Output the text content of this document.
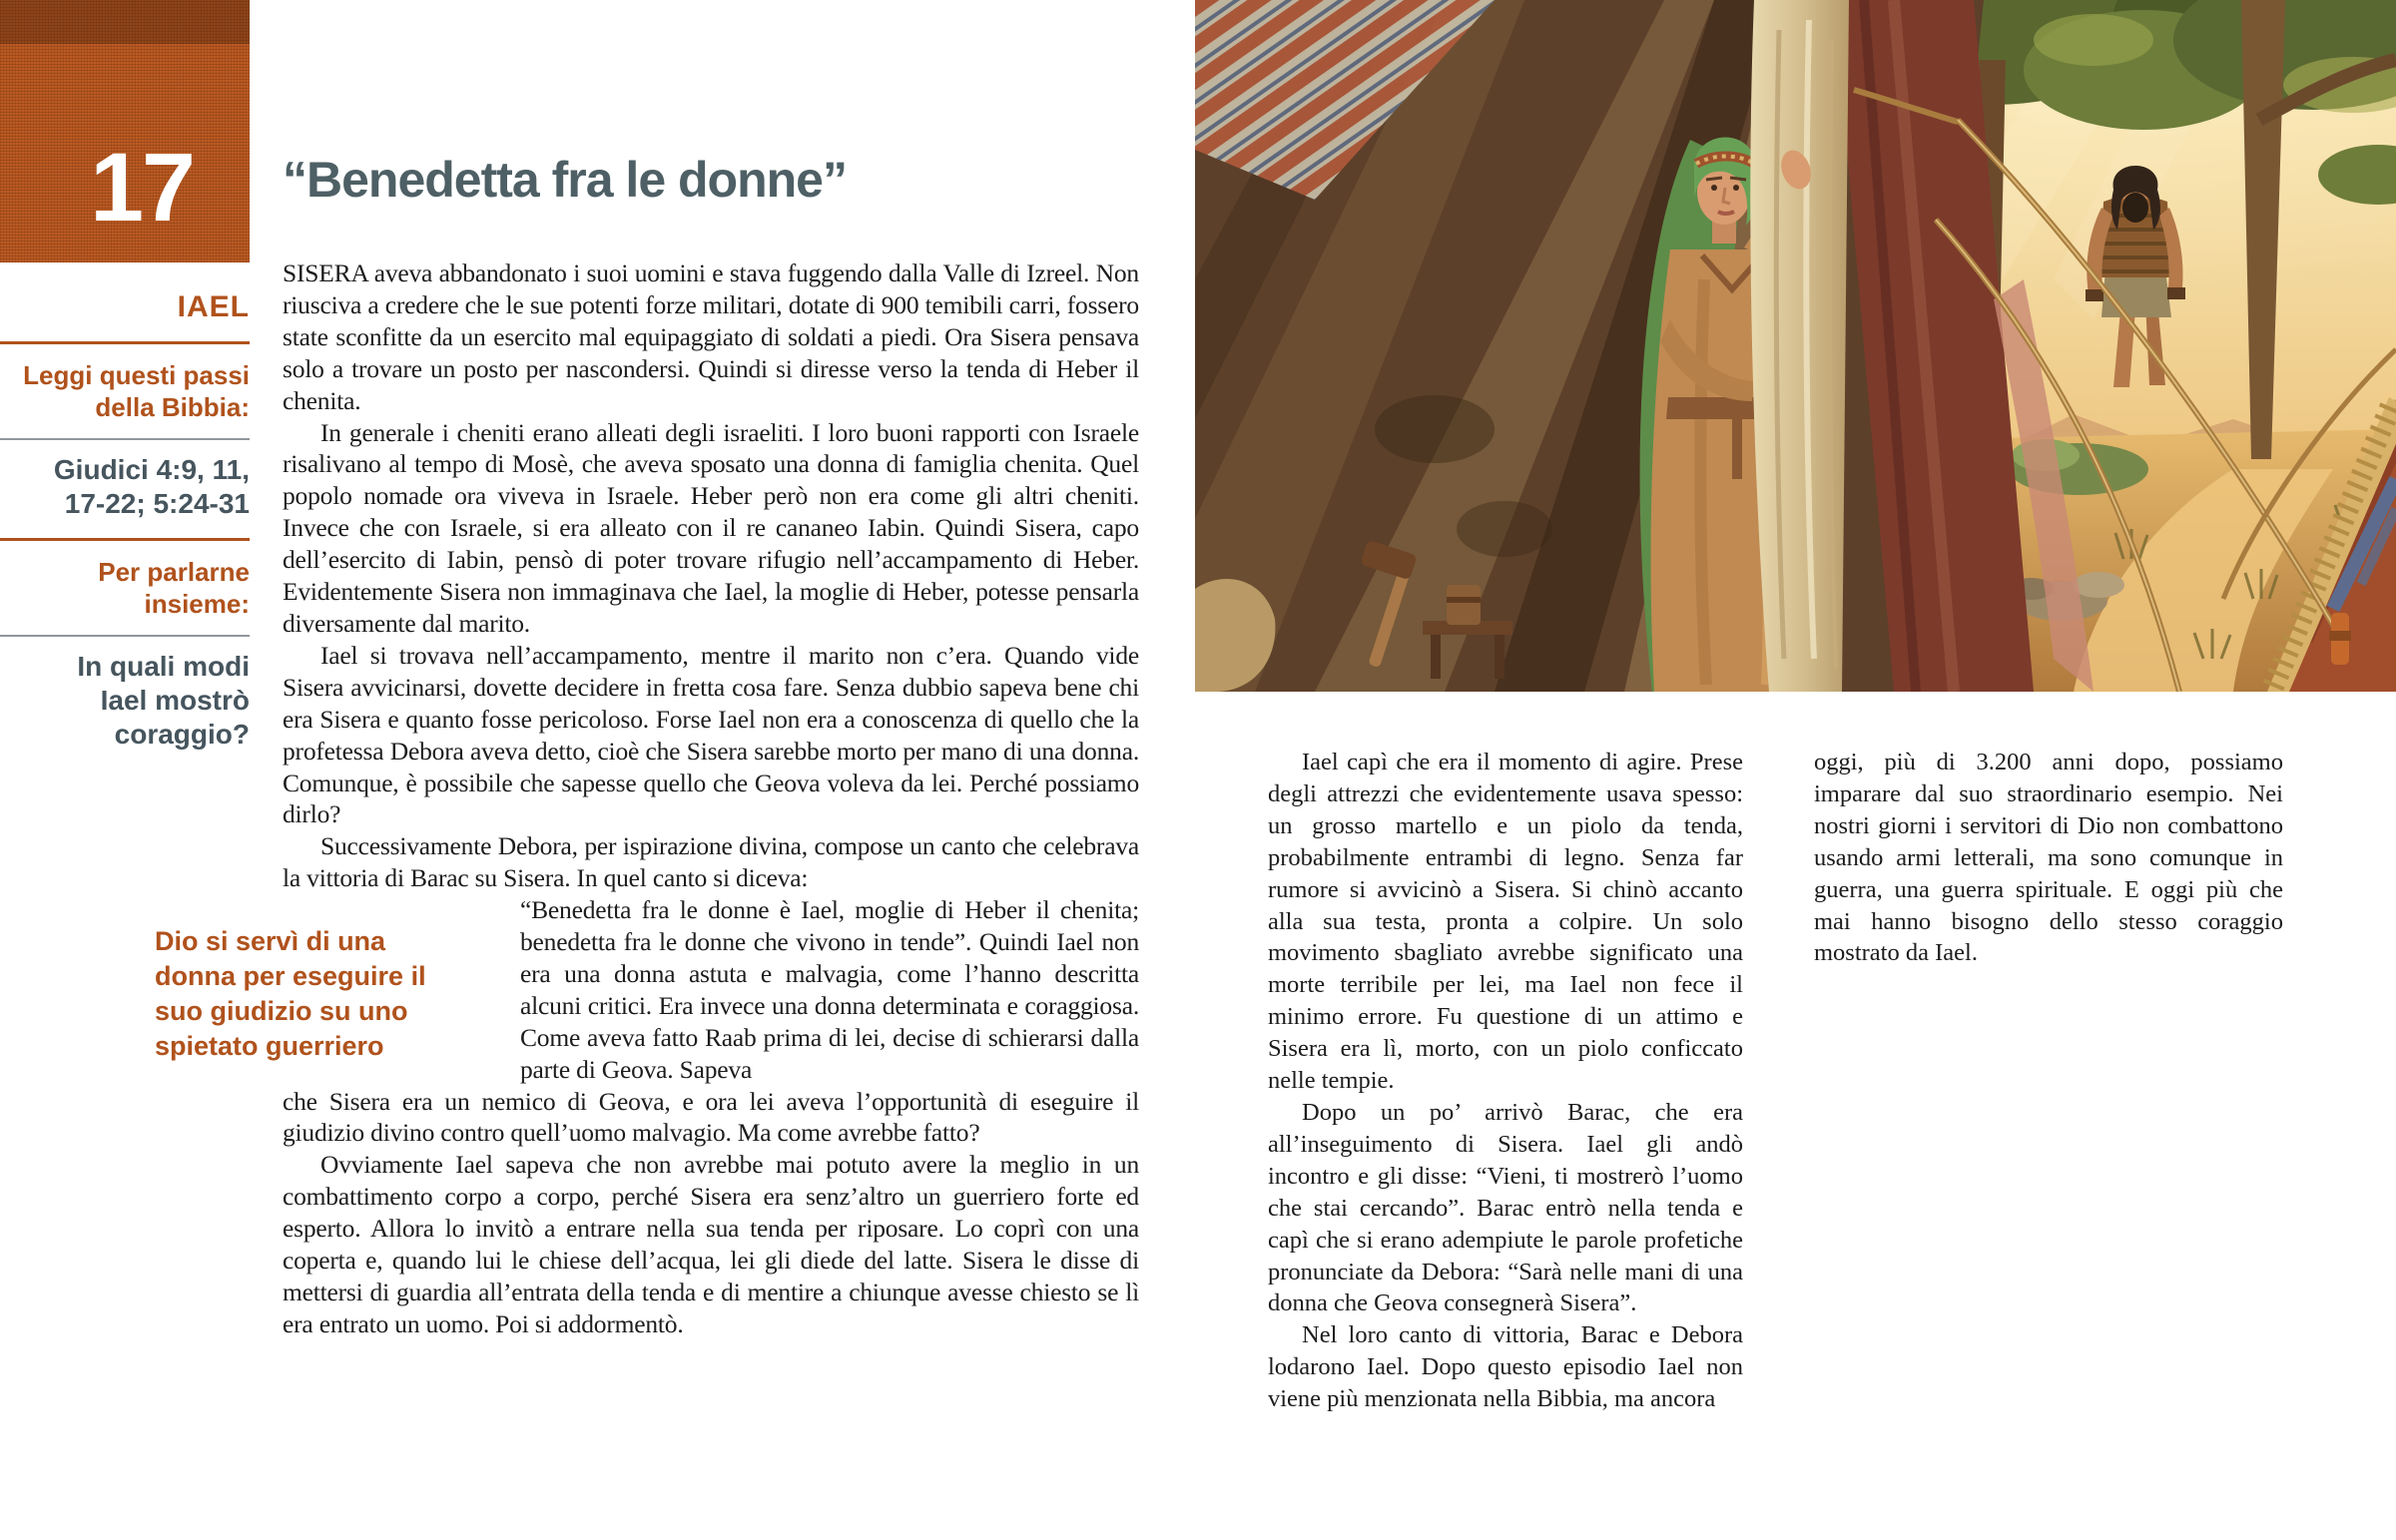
17
IAEL
Leggi questi passi
della Bibbia:
Giudici 4:9, 11,
17-22; 5:24-31
Per parlarne insieme:
In quali modi
Iael mostrò
coraggio?
“Benedetta fra le donne”

SISERA aveva abbandonato i suoi uomini e stava fuggendo dalla Valle di Izreel. Non riusciva a credere che le sue potenti forze militari, dotate di 900 temibili carri, fossero state sconfitte da un esercito mal equipaggiato di soldati a piedi. Ora Sisera pensava solo a trovare un posto per nascondersi. Quindi si diresse verso la tenda di Heber il chenita.

In generale i cheniti erano alleati degli israeliti. I loro buoni rapporti con Israele risalivano al tempo di Mosè, che aveva sposato una donna di famiglia chenita. Quel popolo nomade ora viveva in Israele. Heber però non era come gli altri cheniti. Invece che con Israele, si era alleato con il re cananeo Iabin. Quindi Sisera, capo dell’esercito di Iabin, pensò di poter trovare rifugio nell’accampamento di Heber. Evidentemente Sisera non immaginava che Iael, la moglie di Heber, potesse pensarla diversamente dal marito.

Iael si trovava nell’accampamento, mentre il marito non c’era. Quando vide Sisera avvicinarsi, dovette decidere in fretta cosa fare. Senza dubbio sapeva bene chi era Sisera e quanto fosse pericoloso. Forse Iael non era a conoscenza di quello che la profetessa Debora aveva detto, cioè che Sisera sarebbe morto per mano di una donna. Comunque, è possibile che sapesse quello che Geova voleva da lei. Perché possiamo dirlo?

Successivamente Debora, per ispirazione divina, compose un canto che celebrava la vittoria di Barac su Sisera. In quel canto si diceva:

Dio si servì di una donna per eseguire il suo giudizio su uno spietato guerriero

“Benedetta fra le donne è Iael, moglie di Heber il chenita; benedetta fra le donne che vivono in tende”. Quindi Iael non era una donna astuta e malvagia, come l’hanno descritta alcuni critici. Era invece una donna determinata e coraggiosa. Come aveva fatto Raab prima di lei, decise di schierarsi dalla parte di Geova. Sapeva

che Sisera era un nemico di Geova, e ora lei aveva l’opportunità di eseguire il giudizio divino contro quell’uomo malvagio. Ma come avrebbe fatto?

Ovviamente Iael sapeva che non avrebbe mai potuto avere la meglio in un combattimento corpo a corpo, perché Sisera era senz’altro un guerriero forte ed esperto. Allora lo invitò a entrare nella sua tenda per riposare. Lo coprì con una coperta e, quando lui le chiese dell’acqua, lei gli diede del latte. Sisera le disse di mettersi di guardia all’entrata della tenda e di mentire a chiunque avesse chiesto se lì era entrato un uomo. Poi si addormentò.

Iael capì che era il momento di agire. Prese degli attrezzi che evidentemente usava spesso: un grosso martello e un piolo da tenda, probabilmente entrambi di legno. Senza far rumore si avvicinò a Sisera. Si chinò accanto alla sua testa, pronta a colpire. Un solo movimento sbagliato avrebbe significato una morte terribile per lei, ma Iael non fece il minimo errore. Fu questione di un attimo e Sisera era lì, morto, con un piolo conficcato nelle tempie.

Dopo un po’ arrivò Barac, che era all’inseguimento di Sisera. Iael gli andò incontro e gli disse: “Vieni, ti mostrerò l’uomo che stai cercando”. Barac entrò nella tenda e capì che si erano adempiute le parole profetiche pronunciate da Debora: “Sarà nelle mani di una donna che Geova consegnerà Sisera”.

Nel loro canto di vittoria, Barac e Debora lodarono Iael. Dopo questo episodio Iael non viene più menzionata nella Bibbia, ma ancora

oggi, più di 3.200 anni dopo, possiamo imparare dal suo straordinario esempio. Nei nostri giorni i servitori di Dio non combattono usando armi letterali, ma sono comunque in guerra, una guerra spirituale. E oggi più che mai hanno bisogno dello stesso coraggio mostrato da Iael.
